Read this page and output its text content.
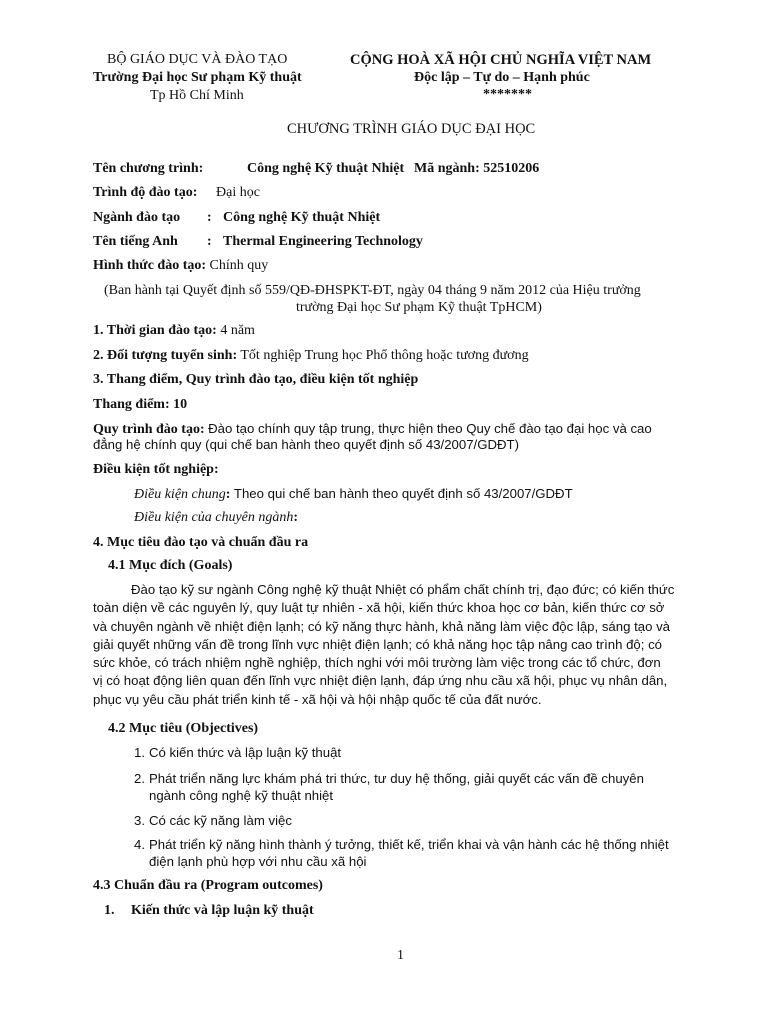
BỘ GIÁO DỤC VÀ ĐÀO TẠO
Trường Đại học Sư phạm Kỹ thuật
Tp Hồ Chí Minh
CỘNG HOÀ XÃ HỘI CHỦ NGHĨA VIỆT NAM
Độc lập – Tự do – Hạnh phúc
*******
CHƯƠNG TRÌNH GIÁO DỤC ĐẠI HỌC
Tên chương trình:	Công nghệ Kỹ thuật Nhiệt Mã ngành: 52510206
Trình độ đào tạo: Đại học
Ngành đào tạo : Công nghệ Kỹ thuật Nhiệt
Tên tiếng Anh : Thermal Engineering Technology
Hình thức đào tạo: Chính quy
(Ban hành tại Quyết định số 559/QĐ-ĐHSPKT-ĐT, ngày 04 tháng 9 năm 2012 của Hiệu trưởng
trường Đại học Sư phạm Kỹ thuật TpHCM)
1. Thời gian đào tạo: 4 năm
2. Đối tượng tuyển sinh: Tốt nghiệp Trung học Phổ thông hoặc tương đương
3. Thang điểm, Quy trình đào tạo, điều kiện tốt nghiệp
Thang điểm: 10
Quy trình đào tạo: Đào tạo chính quy tập trung, thực hiện theo Quy chế đào tạo đại học và cao
đẳng hệ chính quy (qui chế ban hành theo quyết định số 43/2007/GDĐT)
Điều kiện tốt nghiệp:
Điều kiện chung: Theo qui chế ban hành theo quyết định số 43/2007/GDĐT
Điều kiện của chuyên ngành:
4. Mục tiêu đào tạo và chuẩn đầu ra
4.1 Mục đích (Goals)
Đào tạo kỹ sư ngành Công nghệ kỹ thuật Nhiệt có phẩm chất chính trị, đạo đức; có kiến thức
toàn diện về các nguyên lý, quy luật tự nhiên - xã hội, kiến thức khoa học cơ bản, kiến thức cơ sở
và chuyên ngành về nhiệt điện lạnh; có kỹ năng thực hành, khả năng làm việc độc lập, sáng tạo và
giải quyết những vấn đề trong lĩnh vực nhiệt điện lạnh; có khả năng học tập nâng cao trình độ; có
sức khỏe, có trách nhiệm nghề nghiệp, thích nghi với môi trường làm việc trong các tổ chức, đơn
vị có hoạt động liên quan đến lĩnh vực nhiệt điện lạnh, đáp ứng nhu cầu xã hội, phục vụ nhân dân,
phục vụ yêu cầu phát triển kinh tế - xã hội và hội nhập quốc tế của đất nước.
4.2 Mục tiêu (Objectives)
1. Có kiến thức và lập luận kỹ thuật
2. Phát triển năng lực khám phá tri thức, tư duy hệ thống, giải quyết các vấn đề chuyên
ngành công nghệ kỹ thuật nhiệt
3. Có các kỹ năng làm việc
4. Phát triển kỹ năng hình thành ý tưởng, thiết kế, triển khai và vận hành các hệ thống nhiệt
điện lạnh phù hợp với nhu cầu xã hội
4.3 Chuẩn đầu ra (Program outcomes)
1. Kiến thức và lập luận kỹ thuật
1
